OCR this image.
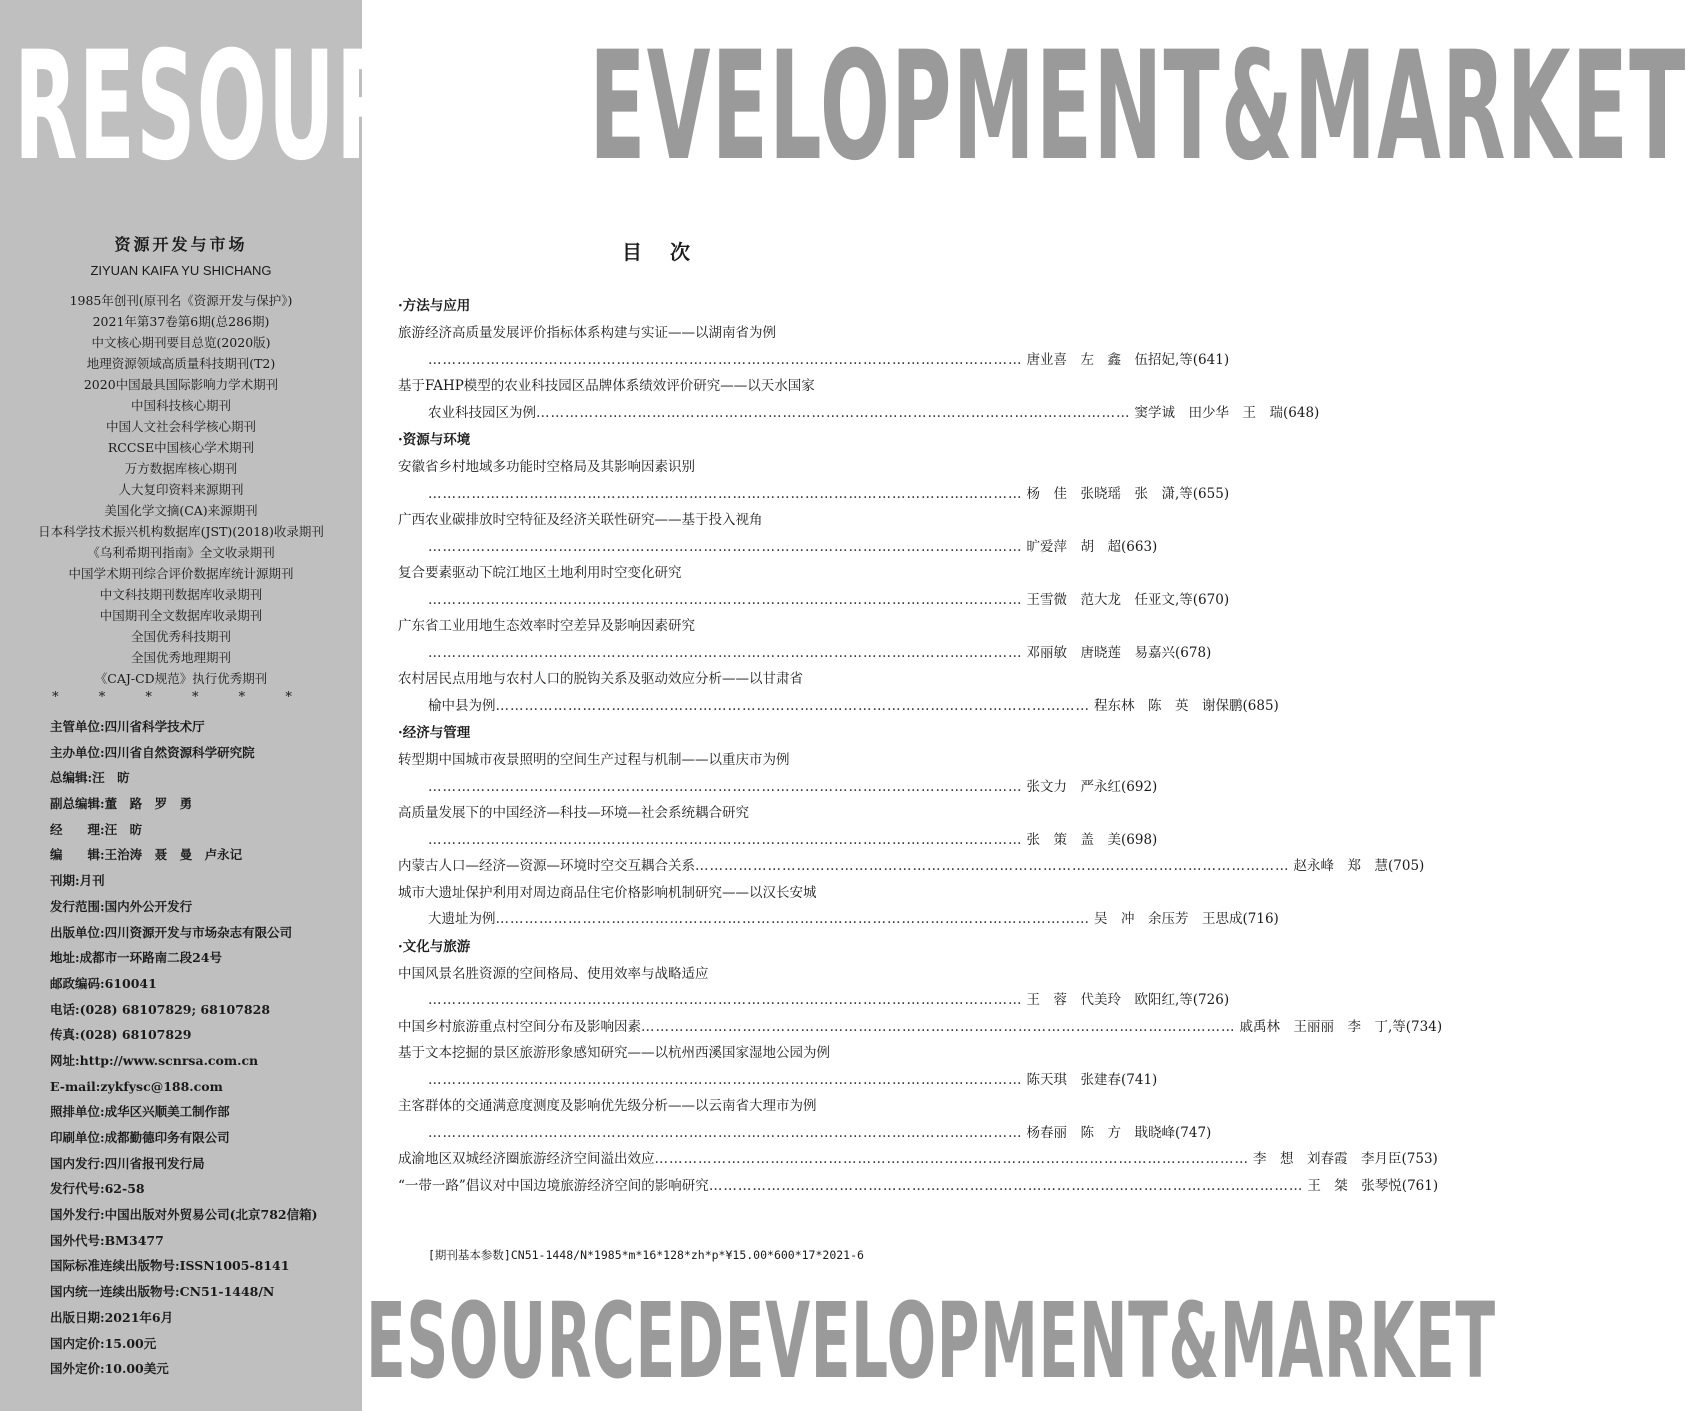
RESOURCEDEVELOPMENT&MARKET
资源开发与市场
ZIYUAN KAIFA YU SHICHANG
1985年创刊(原刊名《资源开发与保护》)
2021年第37卷第6期(总286期)
中文核心期刊要目总览(2020版)
地理资源领域高质量科技期刊(T2)
2020中国最具国际影响力学术期刊
中国科技核心期刊
中国人文社会科学核心期刊
RCCSE中国核心学术期刊
万方数据库核心期刊
人大复印资料来源期刊
美国化学文摘(CA)来源期刊
日本科学技术振兴机构数据库(JST)(2018)收录期刊
《乌利希期刊指南》全文收录期刊
中国学术期刊综合评价数据库统计源期刊
中文科技期刊数据库收录期刊
中国期刊全文数据库收录期刊
全国优秀科技期刊
全国优秀地理期刊
《CAJ-CD规范》执行优秀期刊
* * * * * *
主管单位:四川省科学技术厅
主办单位:四川省自然资源科学研究院
总编辑:汪　昉
副总编辑:董　路　罗　勇
经　　理:汪　昉
编　　辑:王治涛　聂　曼　卢永记
刊期:月刊
发行范围:国内外公开发行
出版单位:四川资源开发与市场杂志有限公司
地址:成都市一环路南二段24号
邮政编码:610041
电话:(028) 68107829; 68107828
传真:(028) 68107829
网址:http://www.scnrsa.com.cn
E-mail:zykfysc@188.com
照排单位:成华区兴顺美工制作部
印刷单位:成都勤德印务有限公司
国内发行:四川省报刊发行局
发行代号:62-58
国外发行:中国出版对外贸易公司(北京782信箱)
国外代号:BM3477
国际标准连续出版物号:ISSN1005-8141
国内统一连续出版物号:CN51-1448/N
出版日期:2021年6月
国内定价:15.00元
国外定价:10.00美元
目次
·方法与应用
旅游经济高质量发展评价指标体系构建与实证——以湖南省为例
…………………………………………………………………………………………………………… 唐业喜　左　鑫　伍招妃,等(641)
基于FAHP模型的农业科技园区品牌体系绩效评价研究——以天水国家
农业科技园区为例 …………………………………………………………………………………………………………… 窦学诚　田少华　王　瑞(648)
·资源与环境
安徽省乡村地域多功能时空格局及其影响因素识别
…………………………………………………………………………………………………………… 杨　佳　张晓瑶　张　潇,等(655)
广西农业碳排放时空特征及经济关联性研究——基于投入视角
…………………………………………………………………………………………………………… 旷爱萍　胡　超(663)
复合要素驱动下皖江地区土地利用时空变化研究
…………………………………………………………………………………………………………… 王雪微　范大龙　任亚文,等(670)
广东省工业用地生态效率时空差异及影响因素研究
…………………………………………………………………………………………………………… 邓丽敏　唐晓莲　易嘉兴(678)
农村居民点用地与农村人口的脱钩关系及驱动效应分析——以甘肃省
榆中县为例 …………………………………………………………………………………………………………… 程东林　陈　英　谢保鹏(685)
·经济与管理
转型期中国城市夜景照明的空间生产过程与机制——以重庆市为例
…………………………………………………………………………………………………………… 张文力　严永红(692)
高质量发展下的中国经济—科技—环境—社会系统耦合研究
…………………………………………………………………………………………………………… 张　策　盖　美(698)
内蒙古人口—经济—资源—环境时空交互耦合关系 …………………………………………………………………………………………………………… 赵永峰　郑　慧(705)
城市大遗址保护利用对周边商品住宅价格影响机制研究——以汉长安城
大遗址为例 …………………………………………………………………………………………………………… 吴　冲　余压芳　王思成(716)
·文化与旅游
中国风景名胜资源的空间格局、使用效率与战略适应
…………………………………………………………………………………………………………… 王　蓉　代美玲　欧阳红,等(726)
中国乡村旅游重点村空间分布及影响因素 …………………………………………………………………………………………………………… 戚禹林　王丽丽　李　丁,等(734)
基于文本挖掘的景区旅游形象感知研究——以杭州西溪国家湿地公园为例
…………………………………………………………………………………………………………… 陈天琪　张建春(741)
主客群体的交通满意度测度及影响优先级分析——以云南省大理市为例
…………………………………………………………………………………………………………… 杨春丽　陈　方　戢晓峰(747)
成渝地区双城经济圈旅游经济空间溢出效应 …………………………………………………………………………………………………………… 李　想　刘春霞　李月臣(753)
“一带一路”倡议对中国边境旅游经济空间的影响研究 …………………………………………………………………………………………………………… 王　桀　张琴悦(761)
[期刊基本参数]CN51-1448/N*1985*m*16*128*zh*p*¥15.00*600*17*2021-6
ESOURCEDEVELOPMENT&MARKET
